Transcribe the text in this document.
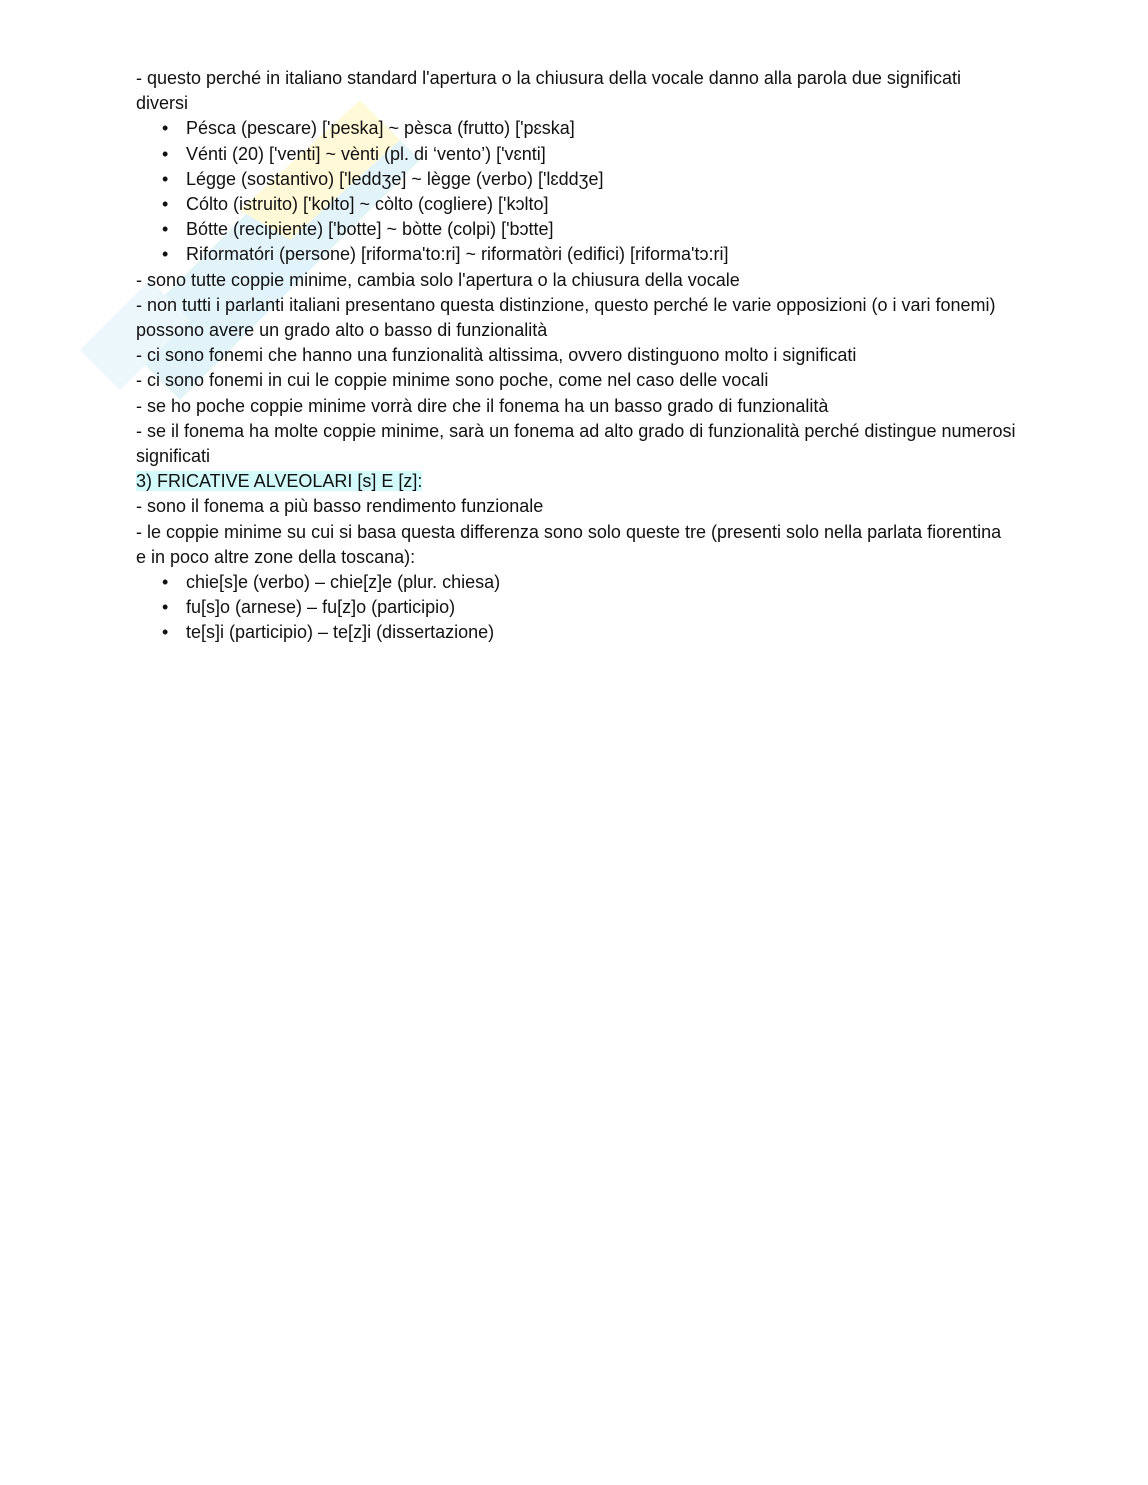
- questo perché in italiano standard l'apertura o la chiusura della vocale danno alla parola due significati diversi

• Pésca (pescare) ['peska] ~ pèsca (frutto) ['pɛska]
• Vénti (20) ['venti] ~ vènti (pl. di ‘vento’) ['vɛnti]
• Légge (sostantivo) ['leddʒe] ~ lègge (verbo) ['lɛddʒe]
• Cólto (istruito) ['kolto] ~ còlto (cogliere) ['kɔlto]
• Bótte (recipiente) ['botte] ~ bòtte (colpi) ['bɔtte]
• Riformatóri (persone) [riforma'to:ri] ~ riformatòri (edifici) [riforma'tɔ:ri]

- sono tutte coppie minime, cambia solo l'apertura o la chiusura della vocale

- non tutti i parlanti italiani presentano questa distinzione, questo perché le varie opposizioni (o i vari fonemi) possono avere un grado alto o basso di funzionalità

- ci sono fonemi che hanno una funzionalità altissima, ovvero distinguono molto i significati

- ci sono fonemi in cui le coppie minime sono poche, come nel caso delle vocali

- se ho poche coppie minime vorrà dire che il fonema ha un basso grado di funzionalità

- se il fonema ha molte coppie minime, sarà un fonema ad alto grado di funzionalità perché distingue numerosi significati

3) FRICATIVE ALVEOLARI [s] E [z]:

- sono il fonema a più basso rendimento funzionale

- le coppie minime su cui si basa questa differenza sono solo queste tre (presenti solo nella parlata fiorentina e in poco altre zone della toscana):

• chie[s]e (verbo) – chie[z]e (plur. chiesa)
• fu[s]o (arnese) – fu[z]o (participio)
• te[s]i (participio) – te[z]i (dissertazione)
